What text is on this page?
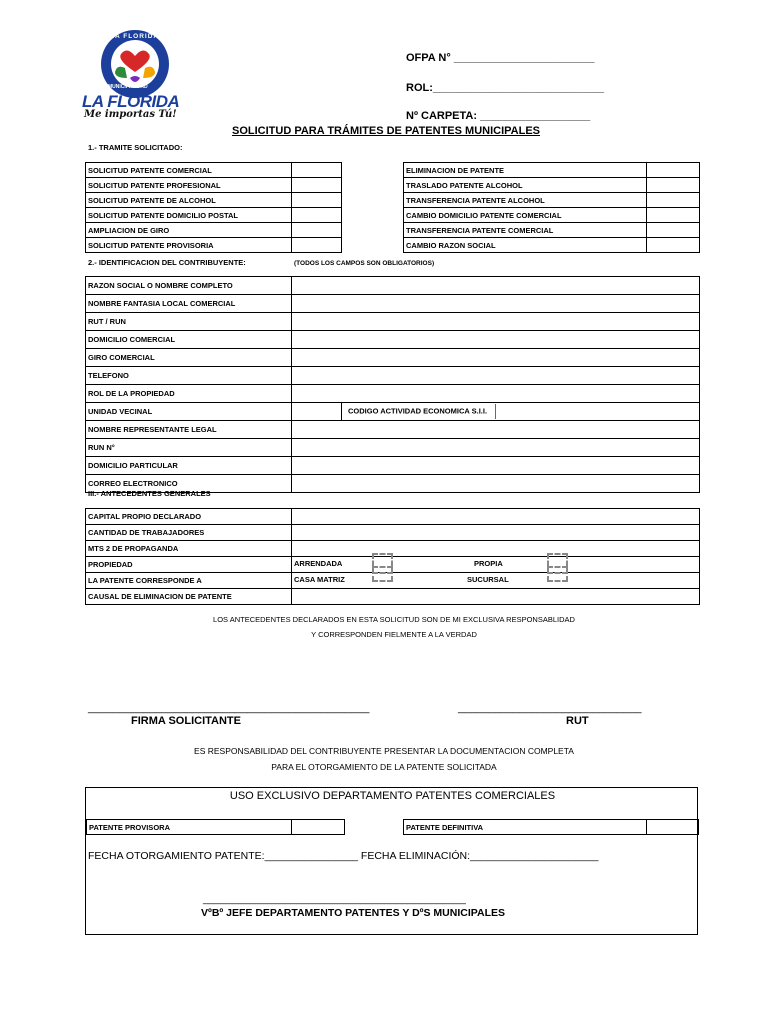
LA FLORIDA
MUNICIPALIDAD
LA FLORIDA
Me importas Tú!
OFPA N° _______________________
ROL:____________________________
Nº CARPETA: __________________
SOLICITUD PARA TRÁMITES DE PATENTES MUNICIPALES
1.- TRAMITE SOLICITADO:
SOLICITUD PATENTE COMERCIAL	
SOLICITUD PATENTE PROFESIONAL	
SOLICITUD PATENTE DE ALCOHOL	
SOLICITUD PATENTE DOMICILIO POSTAL	
AMPLIACION DE GIRO	
SOLICITUD PATENTE PROVISORIA	
ELIMINACION DE PATENTE	
TRASLADO PATENTE ALCOHOL	
TRANSFERENCIA PATENTE ALCOHOL	
CAMBIO DOMICILIO PATENTE COMERCIAL	
TRANSFERENCIA PATENTE COMERCIAL	
CAMBIO RAZON SOCIAL	
2.- IDENTIFICACION DEL CONTRIBUYENTE:	(TODOS LOS CAMPOS SON OBLIGATORIOS)
RAZON SOCIAL O NOMBRE COMPLETO		
NOMBRE FANTASIA LOCAL COMERCIAL		
RUT / RUN		
DOMICILIO COMERCIAL		
GIRO COMERCIAL		
TELEFONO		
ROL DE LA PROPIEDAD		
UNIDAD VECINAL		CODIGO ACTIVIDAD ECONOMICA S.I.I.
NOMBRE REPRESENTANTE LEGAL		
RUN N°		
DOMICILIO PARTICULAR		
CORREO ELECTRONICO		
III.- ANTECEDENTES GENERALES
CAPITAL PROPIO DECLARADO	
CANTIDAD DE TRABAJADORES	
MTS 2 DE PROPAGANDA	
PROPIEDAD	ARRENDADA PROPIA

LA PATENTE CORRESPONDE A	CASA MATRIZ SUCURSAL

CAUSAL DE ELIMINACION DE PATENTE	
LOS ANTECEDENTES DECLARADOS EN ESTA SOLICITUD SON DE MI EXCLUSIVA RESPONSABLIDAD
Y CORRESPONDEN FIELMENTE A LA VERDAD
______________________________________________	______________________________
FIRMA SOLICITANTE	RUT
ES RESPONSABILIDAD DEL CONTRIBUYENTE PRESENTAR LA DOCUMENTACION COMPLETA
PARA EL OTORGAMIENTO DE LA PATENTE SOLICITADA
USO EXCLUSIVO DEPARTAMENTO PATENTES COMERCIALES
PATENTE PROVISORA		PATENTE DEFINITIVA	
FECHA OTORGAMIENTO PATENTE:________________ FECHA ELIMINACIÓN:______________________
_____________________________________________
VºBº JEFE DEPARTAMENTO PATENTES Y DºS MUNICIPALES
